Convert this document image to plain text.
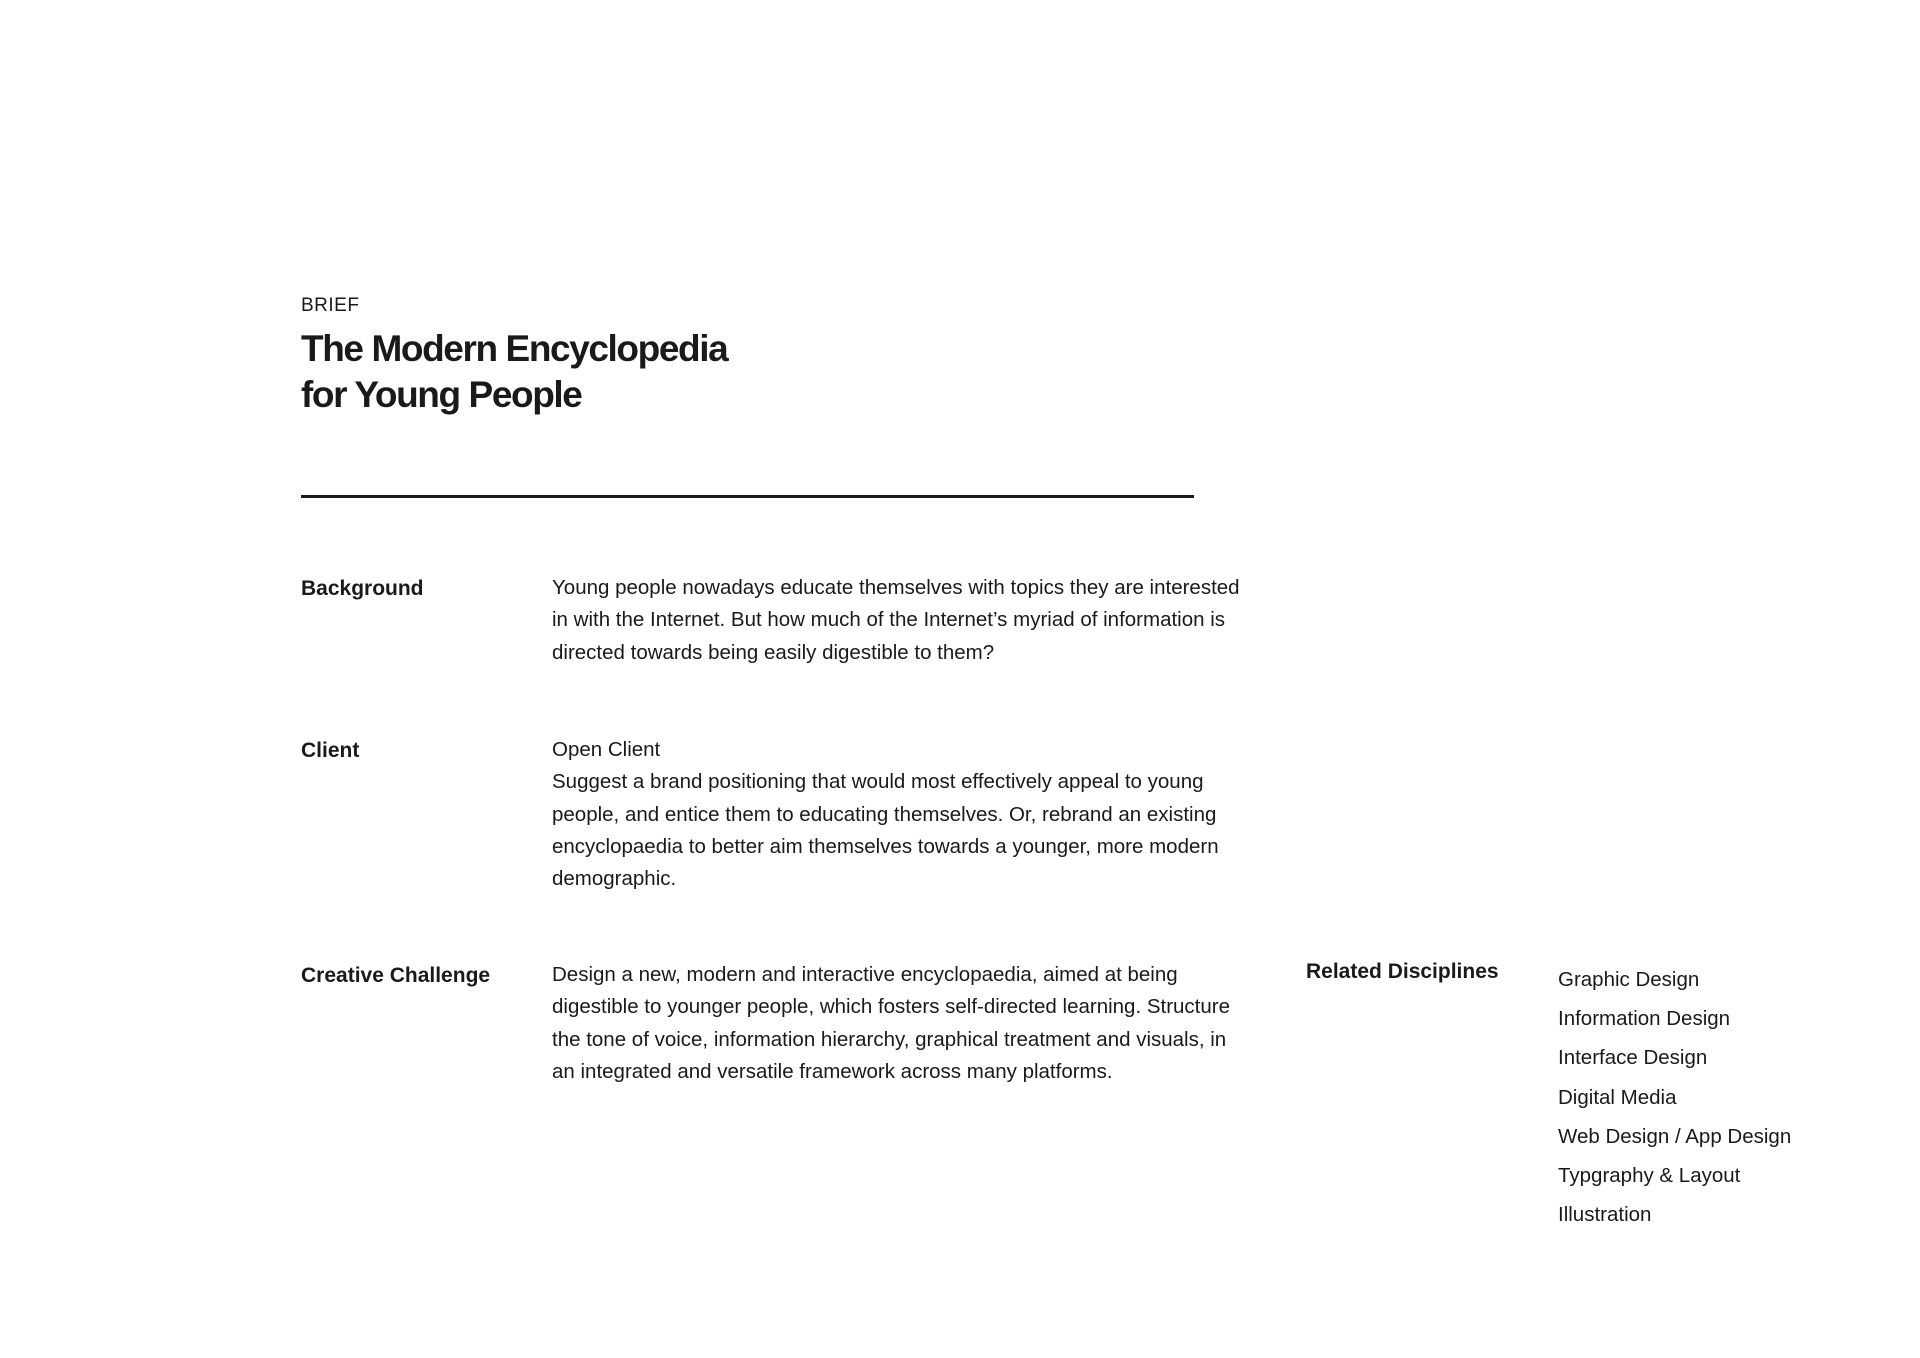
BRIEF
The Modern Encyclopedia
for Young People
Background	Young people nowadays educate themselves with topics they are interested in with the Internet. But how much of the Internet’s myriad of information is directed towards being easily digestible to them?

Client	Open Client

Suggest a brand positioning that would most effectively appeal to young people, and entice them to educating themselves. Or, rebrand an existing encyclopaedia to better aim themselves towards a younger, more modern demographic.

Creative Challenge	Design a new, modern and interactive encyclopaedia, aimed at being digestible to younger people, which fosters self-directed learning. Structure the tone of voice, information hierarchy, graphical treatment and visuals, in an integrated and versatile framework across many platforms.

Related Disciplines	Graphic Design
Information Design
Interface Design
Digital Media
Web Design / App Design
Typgraphy & Layout
Illustration
